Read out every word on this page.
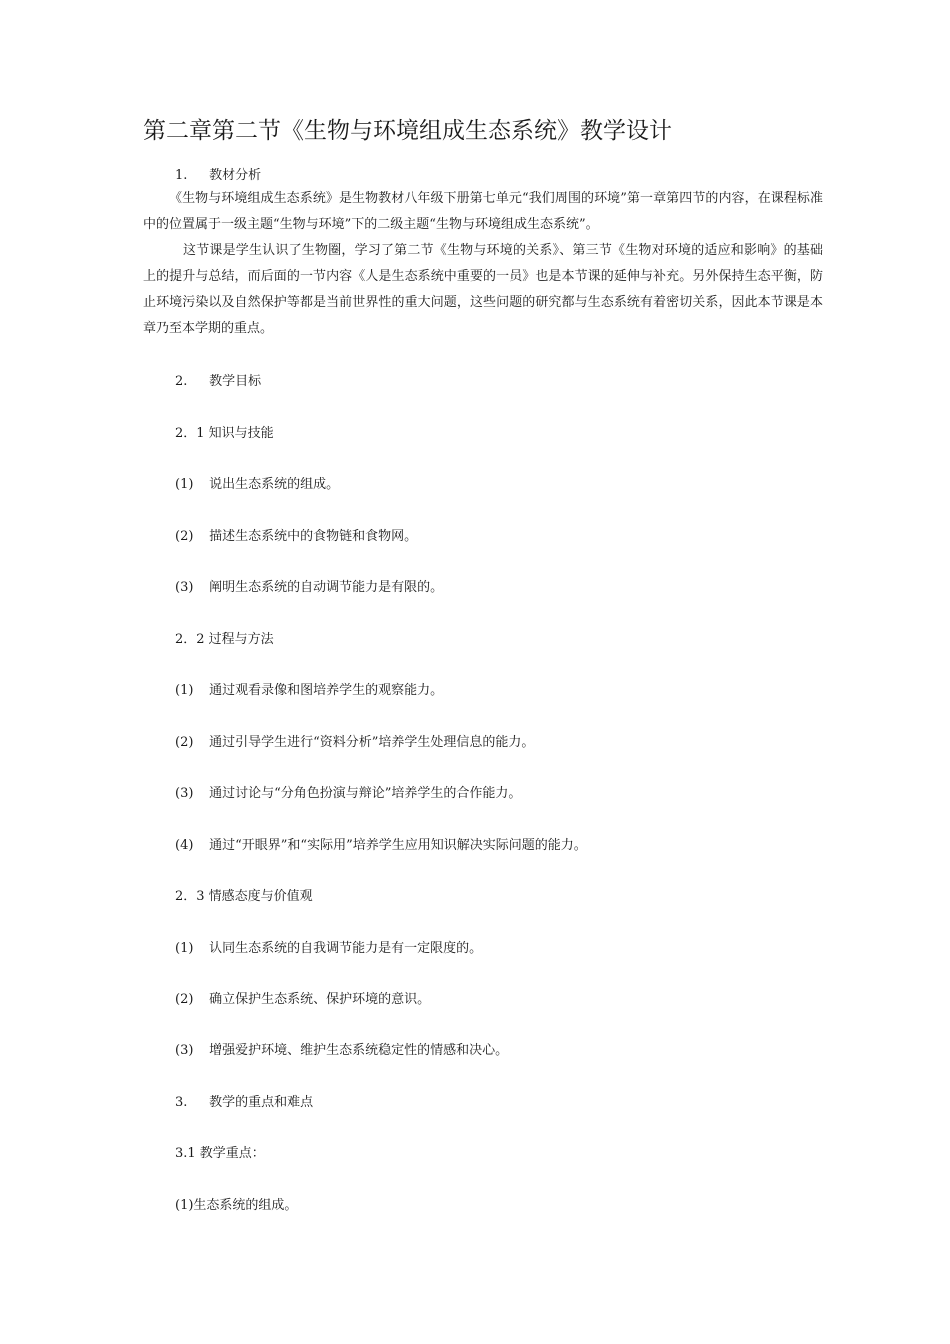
第二章第二节《生物与环境组成生态系统》教学设计
1. 教材分析
《生物与环境组成生态系统》是生物教材八年级下册第七单元“我们周围的环境”第一章第四节的内容，在课程标准中的位置属于一级主题“生物与环境”下的二级主题“生物与环境组成生态系统”。
这节课是学生认识了生物圈，学习了第二节《生物与环境的关系》、第三节《生物对环境的适应和影响》的基础上的提升与总结，而后面的一节内容《人是生态系统中重要的一员》也是本节课的延伸与补充。另外保持生态平衡，防止环境污染以及自然保护等都是当前世界性的重大问题，这些问题的研究都与生态系统有着密切关系，因此本节课是本章乃至本学期的重点。
2. 教学目标
2．1 知识与技能
(1) 说出生态系统的组成。
(2) 描述生态系统中的食物链和食物网。
(3) 阐明生态系统的自动调节能力是有限的。
2．2 过程与方法
(1) 通过观看录像和图培养学生的观察能力。
(2) 通过引导学生进行“资料分析”培养学生处理信息的能力。
(3) 通过讨论与“分角色扮演与辩论”培养学生的合作能力。
(4) 通过“开眼界”和“实际用”培养学生应用知识解决实际问题的能力。
2．3 情感态度与价值观
(1) 认同生态系统的自我调节能力是有一定限度的。
(2) 确立保护生态系统、保护环境的意识。
(3) 增强爱护环境、维护生态系统稳定性的情感和决心。
3. 教学的重点和难点
3.1 教学重点：
(1)生态系统的组成。
